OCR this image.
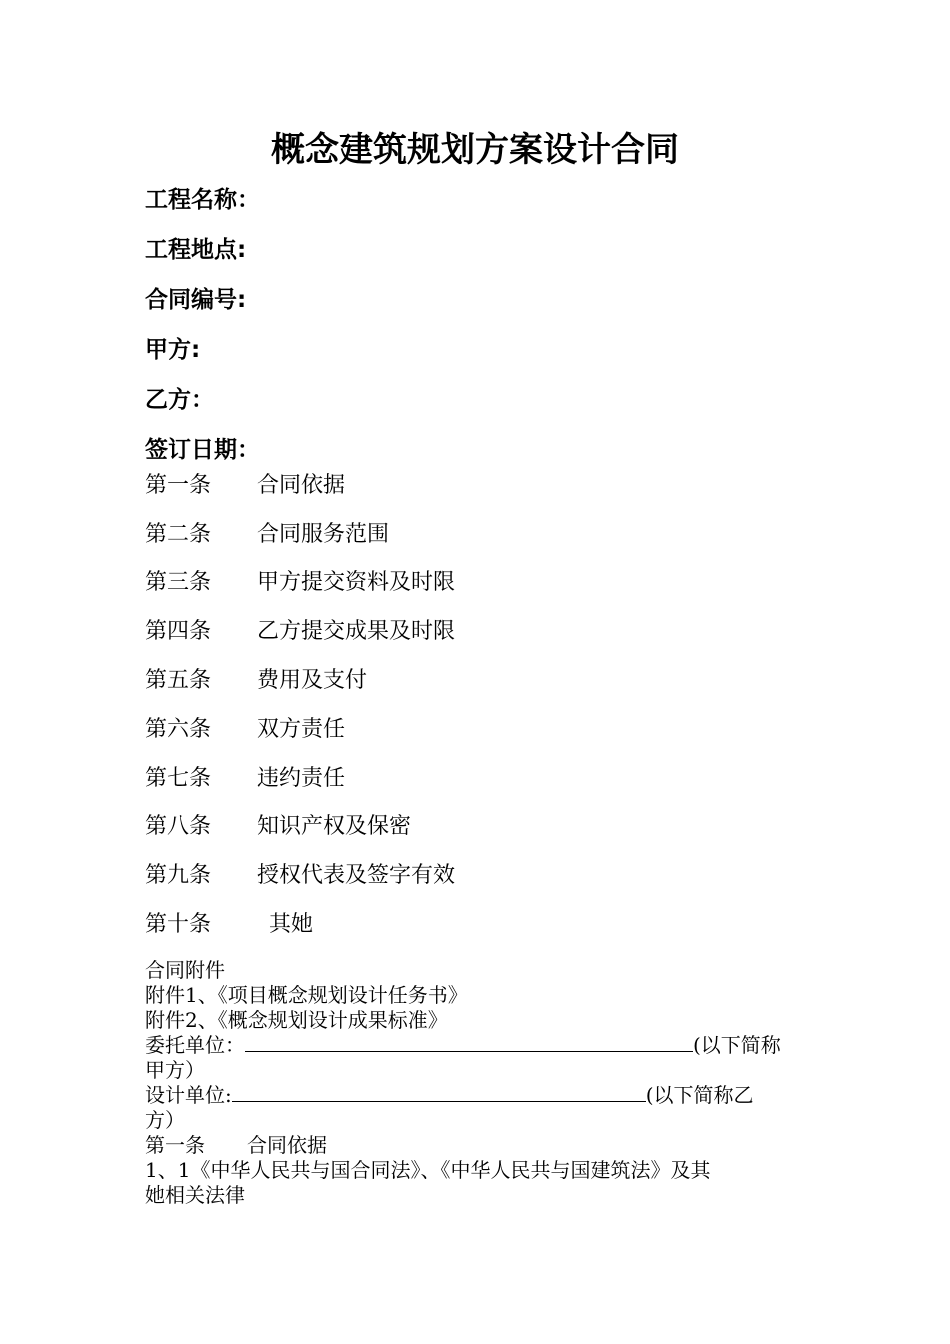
概念建筑规划方案设计合同
工程名称：
工程地点:
合同编号:
甲方:
乙方：
签订日期：
第一条 合同依据
第二条 合同服务范围
第三条 甲方提交资料及时限
第四条 乙方提交成果及时限
第五条 费用及支付
第六条 双方责任
第七条 违约责任
第八条 知识产权及保密
第九条 授权代表及签字有效
第十条	其她
合同附件
附件1、《项目概念规划设计任务书》
附件2、《概念规划设计成果标准》
委托单位：	(以下简称
甲方）
设计单位:	(以下简称乙
方）
第一条 合同依据
1、1《中华人民共与国合同法》、《中华人民共与国建筑法》及其
她相关法律
